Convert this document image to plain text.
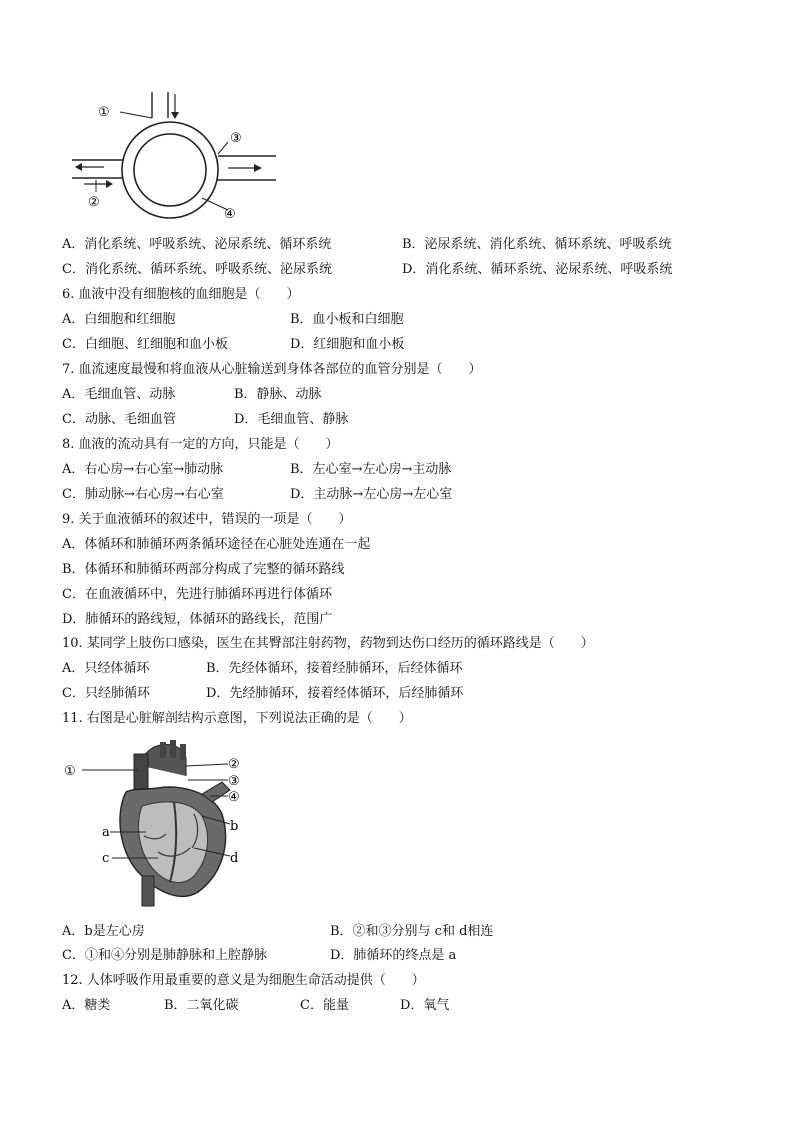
①
③
②
④
A．消化系统、呼吸系统、泌尿系统、循环系统	B．泌尿系统、消化系统、循环系统、呼吸系统
C．消化系统、循环系统、呼吸系统、泌尿系统	D．消化系统、循环系统、泌尿系统、呼吸系统
6. 血液中没有细胞核的血细胞是（　　）
A．白细胞和红细胞	B．血小板和白细胞
C．白细胞、红细胞和血小板	D．红细胞和血小板
7. 血流速度最慢和将血液从心脏输送到身体各部位的血管分别是（　　）
A．毛细血管、动脉	B．静脉、动脉
C．动脉、毛细血管	D．毛细血管、静脉
8. 血液的流动具有一定的方向，只能是（　　）
A．右心房→右心室→肺动脉	B．左心室→左心房→主动脉
C．肺动脉→右心房→右心室	D．主动脉→左心房→左心室
9. 关于血液循环的叙述中，错误的一项是（　　）
A．体循环和肺循环两条循环途径在心脏处连通在一起
B．体循环和肺循环两部分构成了完整的循环路线
C．在血液循环中，先进行肺循环再进行体循环
D．肺循环的路线短，体循环的路线长，范围广
10. 某同学上肢伤口感染，医生在其臀部注射药物，药物到达伤口经历的循环路线是（　　）
A．只经体循环	B．先经体循环，接着经肺循环，后经体循环
C．只经肺循环	D．先经肺循环，接着经体循环，后经肺循环
11. 右图是心脏解剖结构示意图，下列说法正确的是（　　）
①	②
③
④
a	b
c	d
A．b是左心房	B．②和③分别与 c和 d相连
C．①和④分别是肺静脉和上腔静脉	D．肺循环的终点是 a
12. 人体呼吸作用最重要的意义是为细胞生命活动提供（　　）
A．糖类	B．二氧化碳	C．能量	D．氧气
